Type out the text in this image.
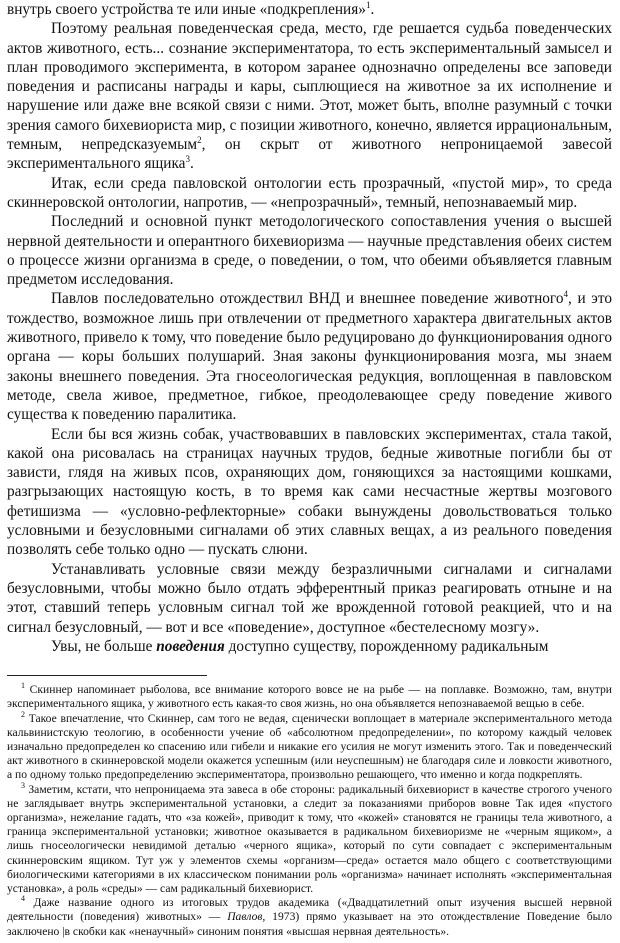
внутрь своего устройства те или иные «подкрепления»$^1$.

Поэтому реальная поведенческая среда, место, где решается судьба поведенческих актов животного, есть... сознание экспериментатора, то есть экспериментальный замысел и план проводимого эксперимента, в котором заранее однозначно определены все заповеди поведения и расписаны награды и кары, сыплющиеся на животное за их исполнение и нарушение или даже вне всякой связи с ними. Этот, может быть, вполне разумный с точки зрения самого бихевиориста мир, с позиции животного, конечно, является иррациональным, темным, непредсказуемым$^2$, он скрыт от животного непроницаемой завесой экспериментального ящика$^3$.

Итак, если среда павловской онтологии есть прозрачный, «пустой мир», то среда скиннеровской онтологии, напротив, — «непрозрачный», темный, непознаваемый мир.

Последний и основной пункт методологического сопоставления учения о высшей нервной деятельности и оперантного бихевиоризма — научные представления обеих систем о процессе жизни организма в среде, о поведении, о том, что обеими объявляется главным предметом исследования.

Павлов последовательно отождествил ВНД и внешнее поведение животного$^4$, и это тождество, возможное лишь при отвлечении от предметного характера двигательных актов животного, привело к тому, что поведение было редуцировано до функционирования одного органа — коры больших полушарий. Зная законы функционирования мозга, мы знаем законы внешнего поведения. Эта гносеологическая редукция, воплощенная в павловском методе, свела живое, предметное, гибкое, преодолевающее среду поведение живого существа к поведению паралитика.

Если бы вся жизнь собак, участвовавших в павловских экспериментах, стала такой, какой она рисовалась на страницах научных трудов, бедные животные погибли бы от зависти, глядя на живых псов, охраняющих дом, гоняющихся за настоящими кошками, разгрызающих настоящую кость, в то время как сами несчастные жертвы мозгового фетишизма — «условно-рефлекторные» собаки вынуждены довольствоваться только условными и безусловными сигналами об этих славных вещах, а из реального поведения позволять себе только одно — пускать слюни.

Устанавливать условные связи между безразличными сигналами и сигналами безусловными, чтобы можно было отдать эфферентный приказ реагировать отныне и на этот, ставший теперь условным сигнал той же врожденной готовой реакцией, что и на сигнал безусловный, — вот и все «поведение», доступное «бестелесному мозгу».

Увы, не больше поведения доступно существу, порожденному радикальным

$^1$ Скиннер напоминает рыболова, все внимание которого вовсе не на рыбе — на поплавке. Возможно, там, внутри экспериментального ящика, у животного есть какая-то своя жизнь, но она объявляется непознаваемой вещью в себе.

$^2$ Такое впечатление, что Скиннер, сам того не ведая, сценически воплощает в материале экспериментального метода кальвинистскую теологию, в особенности учение об «абсолютном предопределении», по которому каждый человек изначально предопределен ко спасению или гибели и никакие его усилия не могут изменить этого. Так и поведенческий акт животного в скиннеровской модели окажется успешным (или неуспешным) не благодаря силе и ловкости животного, а по одному только предопределению экспериментатора, произвольно решающего, что именно и когда подкреплять.

$^3$ Заметим, кстати, что непроницаема эта завеса в обе стороны: радикальный бихевиорист в качестве строгого ученого не заглядывает внутрь экспериментальной установки, а следит за показаниями приборов вовне Так идея «пустого организма», нежелание гадать, что «за кожей», приводит к тому, что «кожей» становятся не границы тела животного, а граница экспериментальной установки; животное оказывается в радикальном бихевиоризме не «черным ящиком», а лишь гносеологически невидимой деталью «черного ящика», который по сути совпадает с экспериментальным скиннеровским ящиком. Тут уж у элементов схемы «организм—среда» остается мало общего с соответствующими биологическими категориями в их классическом понимании роль «организма» начинает исполнять «экспериментальная установка», а роль «среды» — сам радикальный бихевиорист.

$^4$ Даже название одного из итоговых трудов академика («Двадцатилетний опыт изучения высшей нервной деятельности (поведения) животных» — Павлов, 1973) прямо указывает на это отождествление Поведение было заключено |в скобки как «ненаучный» синоним понятия «высшая нервная деятельность».
